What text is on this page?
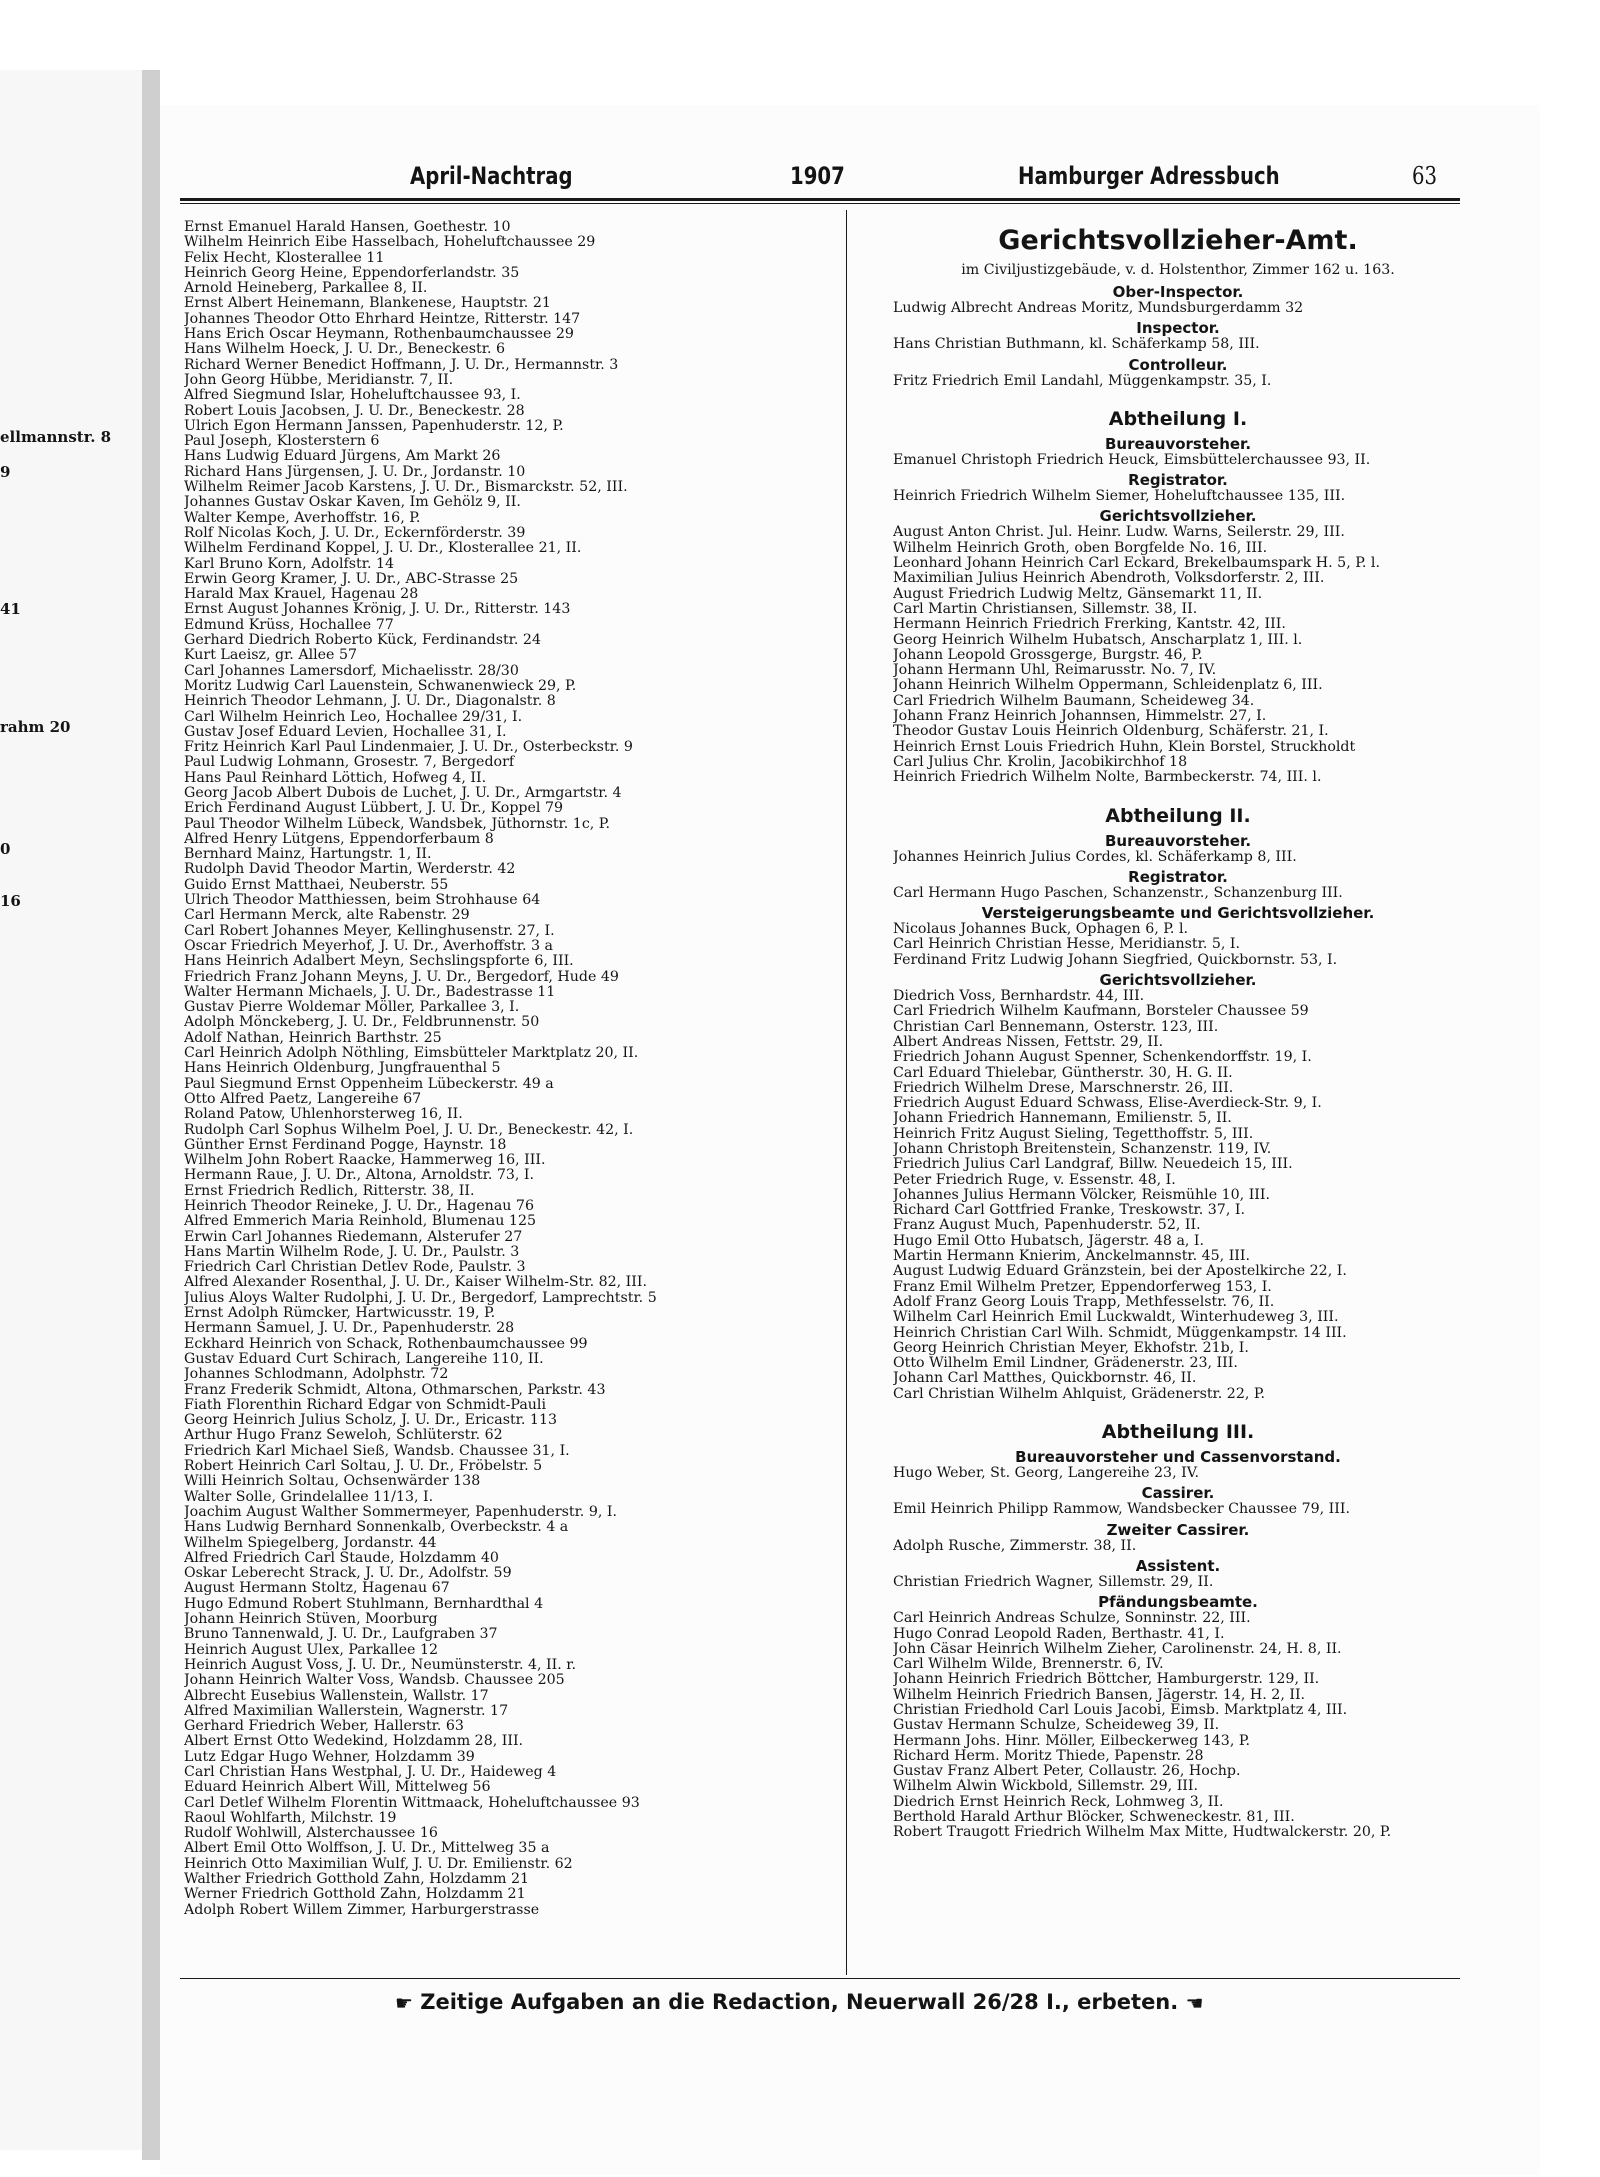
ellmannstr. 8
9
41
rahm 20
0
16
April-Nachtrag	1907	Hamburger Adressbuch	63
Ernst Emanuel Harald Hansen, Goethestr. 10
Wilhelm Heinrich Eibe Hasselbach, Hoheluftchaussee 29
Felix Hecht, Klosterallee 11
Heinrich Georg Heine, Eppendorferlandstr. 35
Arnold Heineberg, Parkallee 8, II.
Ernst Albert Heinemann, Blankenese, Hauptstr. 21
Johannes Theodor Otto Ehrhard Heintze, Ritterstr. 147
Hans Erich Oscar Heymann, Rothenbaumchaussee 29
Hans Wilhelm Hoeck, J. U. Dr., Beneckestr. 6
Richard Werner Benedict Hoffmann, J. U. Dr., Hermannstr. 3
John Georg Hübbe, Meridianstr. 7, II.
Alfred Siegmund Islar, Hoheluftchaussee 93, I.
Robert Louis Jacobsen, J. U. Dr., Beneckestr. 28
Ulrich Egon Hermann Janssen, Papenhuderstr. 12, P.
Paul Joseph, Klosterstern 6
Hans Ludwig Eduard Jürgens, Am Markt 26
Richard Hans Jürgensen, J. U. Dr., Jordanstr. 10
Wilhelm Reimer Jacob Karstens, J. U. Dr., Bismarckstr. 52, III.
Johannes Gustav Oskar Kaven, Im Gehölz 9, II.
Walter Kempe, Averhoffstr. 16, P.
Rolf Nicolas Koch, J. U. Dr., Eckernförderstr. 39
Wilhelm Ferdinand Koppel, J. U. Dr., Klosterallee 21, II.
Karl Bruno Korn, Adolfstr. 14
Erwin Georg Kramer, J. U. Dr., ABC-Strasse 25
Harald Max Krauel, Hagenau 28
Ernst August Johannes Krönig, J. U. Dr., Ritterstr. 143
Edmund Krüss, Hochallee 77
Gerhard Diedrich Roberto Kück, Ferdinandstr. 24
Kurt Laeisz, gr. Allee 57
Carl Johannes Lamersdorf, Michaelisstr. 28/30
Moritz Ludwig Carl Lauenstein, Schwanenwieck 29, P.
Heinrich Theodor Lehmann, J. U. Dr., Diagonalstr. 8
Carl Wilhelm Heinrich Leo, Hochallee 29/31, I.
Gustav Josef Eduard Levien, Hochallee 31, I.
Fritz Heinrich Karl Paul Lindenmaier, J. U. Dr., Osterbeckstr. 9
Paul Ludwig Lohmann, Grosestr. 7, Bergedorf
Hans Paul Reinhard Löttich, Hofweg 4, II.
Georg Jacob Albert Dubois de Luchet, J. U. Dr., Armgartstr. 4
Erich Ferdinand August Lübbert, J. U. Dr., Koppel 79
Paul Theodor Wilhelm Lübeck, Wandsbek, Jüthornstr. 1c, P.
Alfred Henry Lütgens, Eppendorferbaum 8
Bernhard Mainz, Hartungstr. 1, II.
Rudolph David Theodor Martin, Werderstr. 42
Guido Ernst Matthaei, Neuberstr. 55
Ulrich Theodor Matthiessen, beim Strohhause 64
Carl Hermann Merck, alte Rabenstr. 29
Carl Robert Johannes Meyer, Kellinghusenstr. 27, I.
Oscar Friedrich Meyerhof, J. U. Dr., Averhoffstr. 3 a
Hans Heinrich Adalbert Meyn, Sechslingspforte 6, III.
Friedrich Franz Johann Meyns, J. U. Dr., Bergedorf, Hude 49
Walter Hermann Michaels, J. U. Dr., Badestrasse 11
Gustav Pierre Woldemar Möller, Parkallee 3, I.
Adolph Mönckeberg, J. U. Dr., Feldbrunnenstr. 50
Adolf Nathan, Heinrich Barthstr. 25
Carl Heinrich Adolph Nöthling, Eimsbütteler Marktplatz 20, II.
Hans Heinrich Oldenburg, Jungfrauenthal 5
Paul Siegmund Ernst Oppenheim Lübeckerstr. 49 a
Otto Alfred Paetz, Langereihe 67
Roland Patow, Uhlenhorsterweg 16, II.
Rudolph Carl Sophus Wilhelm Poel, J. U. Dr., Beneckestr. 42, I.
Günther Ernst Ferdinand Pogge, Haynstr. 18
Wilhelm John Robert Raacke, Hammerweg 16, III.
Hermann Raue, J. U. Dr., Altona, Arnoldstr. 73, I.
Ernst Friedrich Redlich, Ritterstr. 38, II.
Heinrich Theodor Reineke, J. U. Dr., Hagenau 76
Alfred Emmerich Maria Reinhold, Blumenau 125
Erwin Carl Johannes Riedemann, Alsterufer 27
Hans Martin Wilhelm Rode, J. U. Dr., Paulstr. 3
Friedrich Carl Christian Detlev Rode, Paulstr. 3
Alfred Alexander Rosenthal, J. U. Dr., Kaiser Wilhelm-Str. 82, III.
Julius Aloys Walter Rudolphi, J. U. Dr., Bergedorf, Lamprechtstr. 5
Ernst Adolph Rümcker, Hartwicusstr. 19, P.
Hermann Samuel, J. U. Dr., Papenhuderstr. 28
Eckhard Heinrich von Schack, Rothenbaumchaussee 99
Gustav Eduard Curt Schirach, Langereihe 110, II.
Johannes Schlodmann, Adolphstr. 72
Franz Frederik Schmidt, Altona, Othmarschen, Parkstr. 43
Fiath Florenthin Richard Edgar von Schmidt-Pauli
Georg Heinrich Julius Scholz, J. U. Dr., Ericastr. 113
Arthur Hugo Franz Seweloh, Schlüterstr. 62
Friedrich Karl Michael Sieß, Wandsb. Chaussee 31, I.
Robert Heinrich Carl Soltau, J. U. Dr., Fröbelstr. 5
Willi Heinrich Soltau, Ochsenwärder 138
Walter Solle, Grindelallee 11/13, I.
Joachim August Walther Sommermeyer, Papenhuderstr. 9, I.
Hans Ludwig Bernhard Sonnenkalb, Overbeckstr. 4 a
Wilhelm Spiegelberg, Jordanstr. 44
Alfred Friedrich Carl Staude, Holzdamm 40
Oskar Leberecht Strack, J. U. Dr., Adolfstr. 59
August Hermann Stoltz, Hagenau 67
Hugo Edmund Robert Stuhlmann, Bernhardthal 4
Johann Heinrich Stüven, Moorburg
Bruno Tannenwald, J. U. Dr., Laufgraben 37
Heinrich August Ulex, Parkallee 12
Heinrich August Voss, J. U. Dr., Neumünsterstr. 4, II. r.
Johann Heinrich Walter Voss, Wandsb. Chaussee 205
Albrecht Eusebius Wallenstein, Wallstr. 17
Alfred Maximilian Wallerstein, Wagnerstr. 17
Gerhard Friedrich Weber, Hallerstr. 63
Albert Ernst Otto Wedekind, Holzdamm 28, III.
Lutz Edgar Hugo Wehner, Holzdamm 39
Carl Christian Hans Westphal, J. U. Dr., Haideweg 4
Eduard Heinrich Albert Will, Mittelweg 56
Carl Detlef Wilhelm Florentin Wittmaack, Hoheluftchaussee 93
Raoul Wohlfarth, Milchstr. 19
Rudolf Wohlwill, Alsterchaussee 16
Albert Emil Otto Wolffson, J. U. Dr., Mittelweg 35 a
Heinrich Otto Maximilian Wulf, J. U. Dr. Emilienstr. 62
Walther Friedrich Gotthold Zahn, Holzdamm 21
Werner Friedrich Gotthold Zahn, Holzdamm 21
Adolph Robert Willem Zimmer, Harburgerstrasse
Gerichtsvollzieher-Amt.
im Civiljustizgebäude, v. d. Holstenthor, Zimmer 162 u. 163.
Ober-Inspector.
Ludwig Albrecht Andreas Moritz, Mundsburgerdamm 32
Inspector.
Hans Christian Buthmann, kl. Schäferkamp 58, III.
Controlleur.
Fritz Friedrich Emil Landahl, Müggenkampstr. 35, I.
Abtheilung I.
Bureauvorsteher.
Emanuel Christoph Friedrich Heuck, Eimsbüttelerchaussee 93, II.
Registrator.
Heinrich Friedrich Wilhelm Siemer, Hoheluftchaussee 135, III.
Gerichtsvollzieher.
August Anton Christ. Jul. Heinr. Ludw. Warns, Seilerstr. 29, III.
Wilhelm Heinrich Groth, oben Borgfelde No. 16, III.
Leonhard Johann Heinrich Carl Eckard, Brekelbaumspark H. 5, P. l.
Maximilian Julius Heinrich Abendroth, Volksdorferstr. 2, III.
August Friedrich Ludwig Meltz, Gänsemarkt 11, II.
Carl Martin Christiansen, Sillemstr. 38, II.
Hermann Heinrich Friedrich Frerking, Kantstr. 42, III.
Georg Heinrich Wilhelm Hubatsch, Anscharplatz 1, III. l.
Johann Leopold Grossgerge, Burgstr. 46, P.
Johann Hermann Uhl, Reimarusstr. No. 7, IV.
Johann Heinrich Wilhelm Oppermann, Schleidenplatz 6, III.
Carl Friedrich Wilhelm Baumann, Scheideweg 34.
Johann Franz Heinrich Johannsen, Himmelstr. 27, I.
Theodor Gustav Louis Heinrich Oldenburg, Schäferstr. 21, I.
Heinrich Ernst Louis Friedrich Huhn, Klein Borstel, Struckholdt
Carl Julius Chr. Krolin, Jacobikirchhof 18
Heinrich Friedrich Wilhelm Nolte, Barmbeckerstr. 74, III. l.
Abtheilung II.
Bureauvorsteher.
Johannes Heinrich Julius Cordes, kl. Schäferkamp 8, III.
Registrator.
Carl Hermann Hugo Paschen, Schanzenstr., Schanzenburg III.
Versteigerungsbeamte und Gerichtsvollzieher.
Nicolaus Johannes Buck, Ophagen 6, P. l.
Carl Heinrich Christian Hesse, Meridianstr. 5, I.
Ferdinand Fritz Ludwig Johann Siegfried, Quickbornstr. 53, I.
Gerichtsvollzieher.
Diedrich Voss, Bernhardstr. 44, III.
Carl Friedrich Wilhelm Kaufmann, Borsteler Chaussee 59
Christian Carl Bennemann, Osterstr. 123, III.
Albert Andreas Nissen, Fettstr. 29, II.
Friedrich Johann August Spenner, Schenkendorffstr. 19, I.
Carl Eduard Thielebar, Güntherstr. 30, H. G. II.
Friedrich Wilhelm Drese, Marschnerstr. 26, III.
Friedrich August Eduard Schwass, Elise-Averdieck-Str. 9, I.
Johann Friedrich Hannemann, Emilienstr. 5, II.
Heinrich Fritz August Sieling, Tegetthoffstr. 5, III.
Johann Christoph Breitenstein, Schanzenstr. 119, IV.
Friedrich Julius Carl Landgraf, Billw. Neuedeich 15, III.
Peter Friedrich Ruge, v. Essenstr. 48, I.
Johannes Julius Hermann Völcker, Reismühle 10, III.
Richard Carl Gottfried Franke, Treskowstr. 37, I.
Franz August Much, Papenhuderstr. 52, II.
Hugo Emil Otto Hubatsch, Jägerstr. 48 a, I.
Martin Hermann Knierim, Anckelmannstr. 45, III.
August Ludwig Eduard Gränzstein, bei der Apostelkirche 22, I.
Franz Emil Wilhelm Pretzer, Eppendorferweg 153, I.
Adolf Franz Georg Louis Trapp, Methfesselstr. 76, II.
Wilhelm Carl Heinrich Emil Luckwaldt, Winterhudeweg 3, III.
Heinrich Christian Carl Wilh. Schmidt, Müggenkampstr. 14 III.
Georg Heinrich Christian Meyer, Ekhofstr. 21b, I.
Otto Wilhelm Emil Lindner, Grädenerstr. 23, III.
Johann Carl Matthes, Quickbornstr. 46, II.
Carl Christian Wilhelm Ahlquist, Grädenerstr. 22, P.
Abtheilung III.
Bureauvorsteher und Cassenvorstand.
Hugo Weber, St. Georg, Langereihe 23, IV.
Cassirer.
Emil Heinrich Philipp Rammow, Wandsbecker Chaussee 79, III.
Zweiter Cassirer.
Adolph Rusche, Zimmerstr. 38, II.
Assistent.
Christian Friedrich Wagner, Sillemstr. 29, II.
Pfändungsbeamte.
Carl Heinrich Andreas Schulze, Sonninstr. 22, III.
Hugo Conrad Leopold Raden, Berthastr. 41, I.
John Cäsar Heinrich Wilhelm Zieher, Carolinenstr. 24, H. 8, II.
Carl Wilhelm Wilde, Brennerstr. 6, IV.
Johann Heinrich Friedrich Böttcher, Hamburgerstr. 129, II.
Wilhelm Heinrich Friedrich Bansen, Jägerstr. 14, H. 2, II.
Christian Friedhold Carl Louis Jacobi, Eimsb. Marktplatz 4, III.
Gustav Hermann Schulze, Scheideweg 39, II.
Hermann Johs. Hinr. Möller, Eilbeckerweg 143, P.
Richard Herm. Moritz Thiede, Papenstr. 28
Gustav Franz Albert Peter, Collaustr. 26, Hochp.
Wilhelm Alwin Wickbold, Sillemstr. 29, III.
Diedrich Ernst Heinrich Reck, Lohmweg 3, II.
Berthold Harald Arthur Blöcker, Schweneckestr. 81, III.
Robert Traugott Friedrich Wilhelm Max Mitte, Hudtwalckerstr. 20, P.
☛ Zeitige Aufgaben an die Redaction, Neuerwall 26/28 I., erbeten. ☚
